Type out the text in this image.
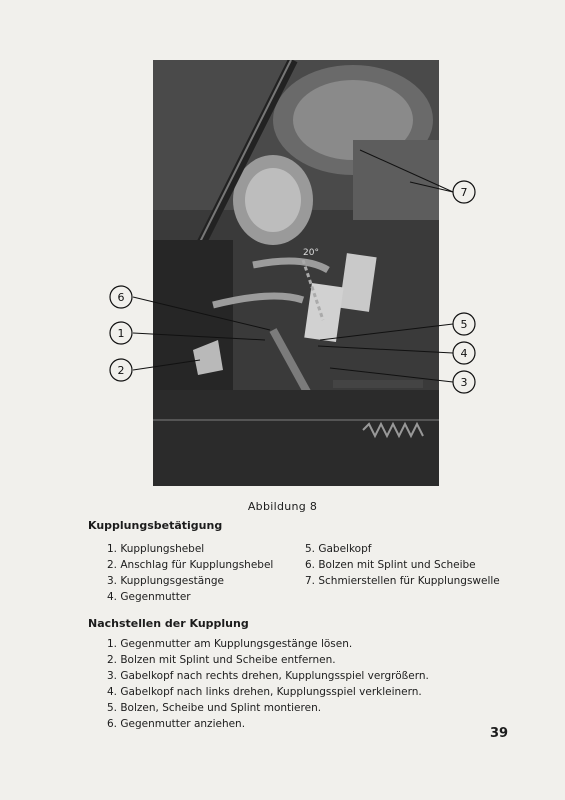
20°
6
1
2
5
4
3
7
Abbildung 8
Kupplungsbetätigung
1. Kupplungshebel
2. Anschlag für Kupplungshebel
3. Kupplungsgestänge
4. Gegenmutter
5. Gabelkopf
6. Bolzen mit Splint und Scheibe
7. Schmierstellen für Kupplungswelle
Nachstellen der Kupplung
1. Gegenmutter am Kupplungsgestänge lösen.
2. Bolzen mit Splint und Scheibe entfernen.
3. Gabelkopf nach rechts drehen, Kupplungsspiel vergrößern.
4. Gabelkopf nach links drehen, Kupplungsspiel verkleinern.
5. Bolzen, Scheibe und Splint montieren.
6. Gegenmutter anziehen.
39
